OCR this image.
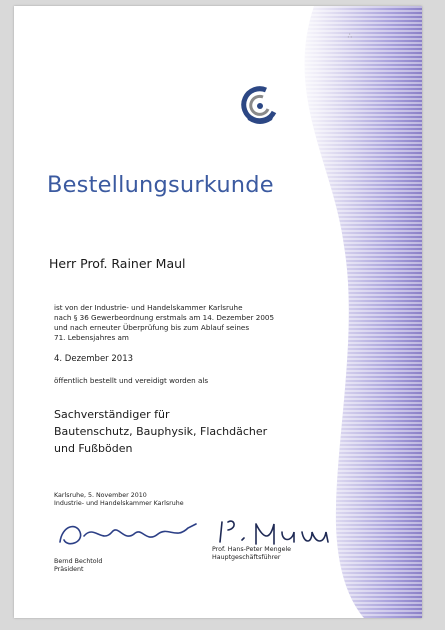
∴
Bestellungsurkunde

Herr Prof. Rainer Maul

ist von der Industrie- und Handelskammer Karlsruhe

nach § 36 Gewerbeordnung erstmals am 14. Dezember 2005

und nach erneuter Überprüfung bis zum Ablauf seines

71. Lebensjahres am

4. Dezember 2013

öffentlich bestellt und vereidigt worden als

Sachverständiger für

Bautenschutz, Bauphysik, Flachdächer

und Fußböden

Karlsruhe, 5. November 2010

Industrie- und Handelskammer Karlsruhe

Bernd Bechtold

Präsident

Prof. Hans-Peter Mengele

Hauptgeschäftsführer
